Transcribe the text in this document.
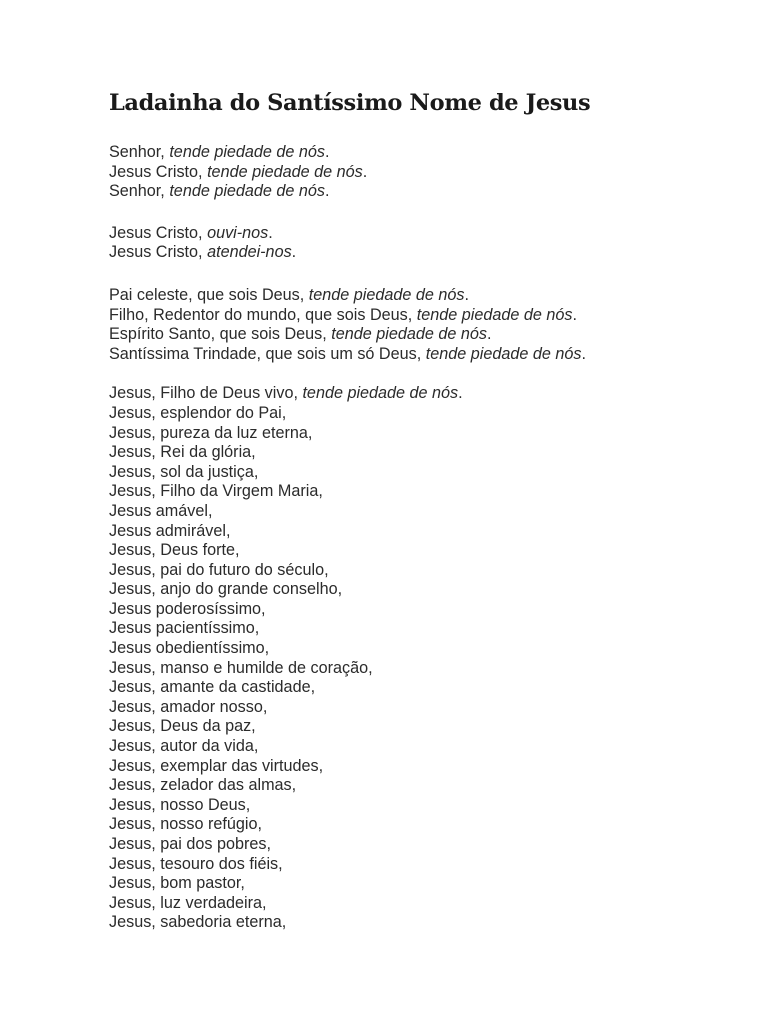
Ladainha do Santíssimo Nome de Jesus
Senhor, tende piedade de nós.
Jesus Cristo, tende piedade de nós.
Senhor, tende piedade de nós.
Jesus Cristo, ouvi-nos.
Jesus Cristo, atendei-nos.
Pai celeste, que sois Deus, tende piedade de nós.
Filho, Redentor do mundo, que sois Deus, tende piedade de nós.
Espírito Santo, que sois Deus, tende piedade de nós.
Santíssima Trindade, que sois um só Deus, tende piedade de nós.
Jesus, Filho de Deus vivo, tende piedade de nós.
Jesus, esplendor do Pai,
Jesus, pureza da luz eterna,
Jesus, Rei da glória,
Jesus, sol da justiça,
Jesus, Filho da Virgem Maria,
Jesus amável,
Jesus admirável,
Jesus, Deus forte,
Jesus, pai do futuro do século,
Jesus, anjo do grande conselho,
Jesus poderosíssimo,
Jesus pacientíssimo,
Jesus obedientíssimo,
Jesus, manso e humilde de coração,
Jesus, amante da castidade,
Jesus, amador nosso,
Jesus, Deus da paz,
Jesus, autor da vida,
Jesus, exemplar das virtudes,
Jesus, zelador das almas,
Jesus, nosso Deus,
Jesus, nosso refúgio,
Jesus, pai dos pobres,
Jesus, tesouro dos fiéis,
Jesus, bom pastor,
Jesus, luz verdadeira,
Jesus, sabedoria eterna,
